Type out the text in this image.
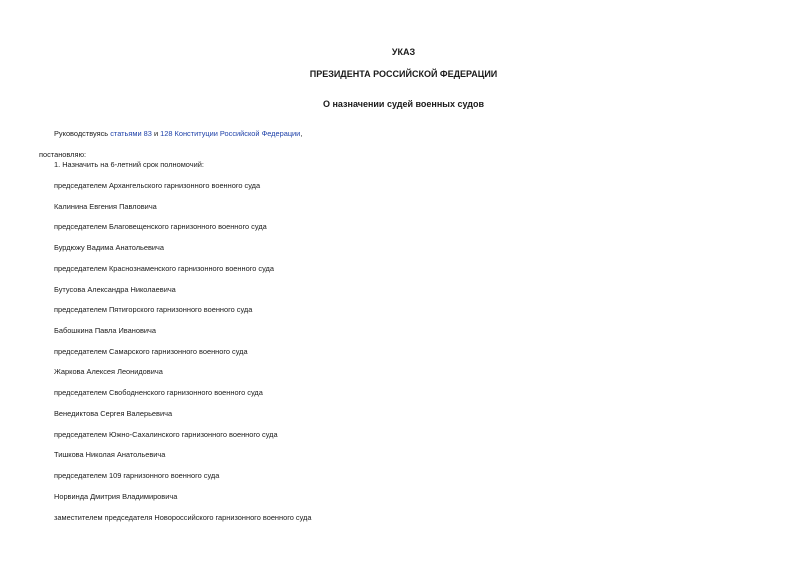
УКАЗ
ПРЕЗИДЕНТА РОССИЙСКОЙ ФЕДЕРАЦИИ
О назначении судей военных судов
Руководствуясь статьями 83 и 128 Конституции Российской Федерации,
постановляю:
1. Назначить на 6-летний срок полномочий:
председателем Архангельского гарнизонного военного суда
Калинина Евгения Павловича
председателем Благовещенского гарнизонного военного суда
Бурдюжу Вадима Анатольевича
председателем Краснознаменского гарнизонного военного суда
Бутусова Александра Николаевича
председателем Пятигорского гарнизонного военного суда
Бабошкина Павла Ивановича
председателем Самарского гарнизонного военного суда
Жаркова Алексея Леонидовича
председателем Свободненского гарнизонного военного суда
Венедиктова Сергея Валерьевича
председателем Южно-Сахалинского гарнизонного военного суда
Тишкова Николая Анатольевича
председателем 109 гарнизонного военного суда
Норвинда Дмитрия Владимировича
заместителем председателя Новороссийского гарнизонного военного суда
